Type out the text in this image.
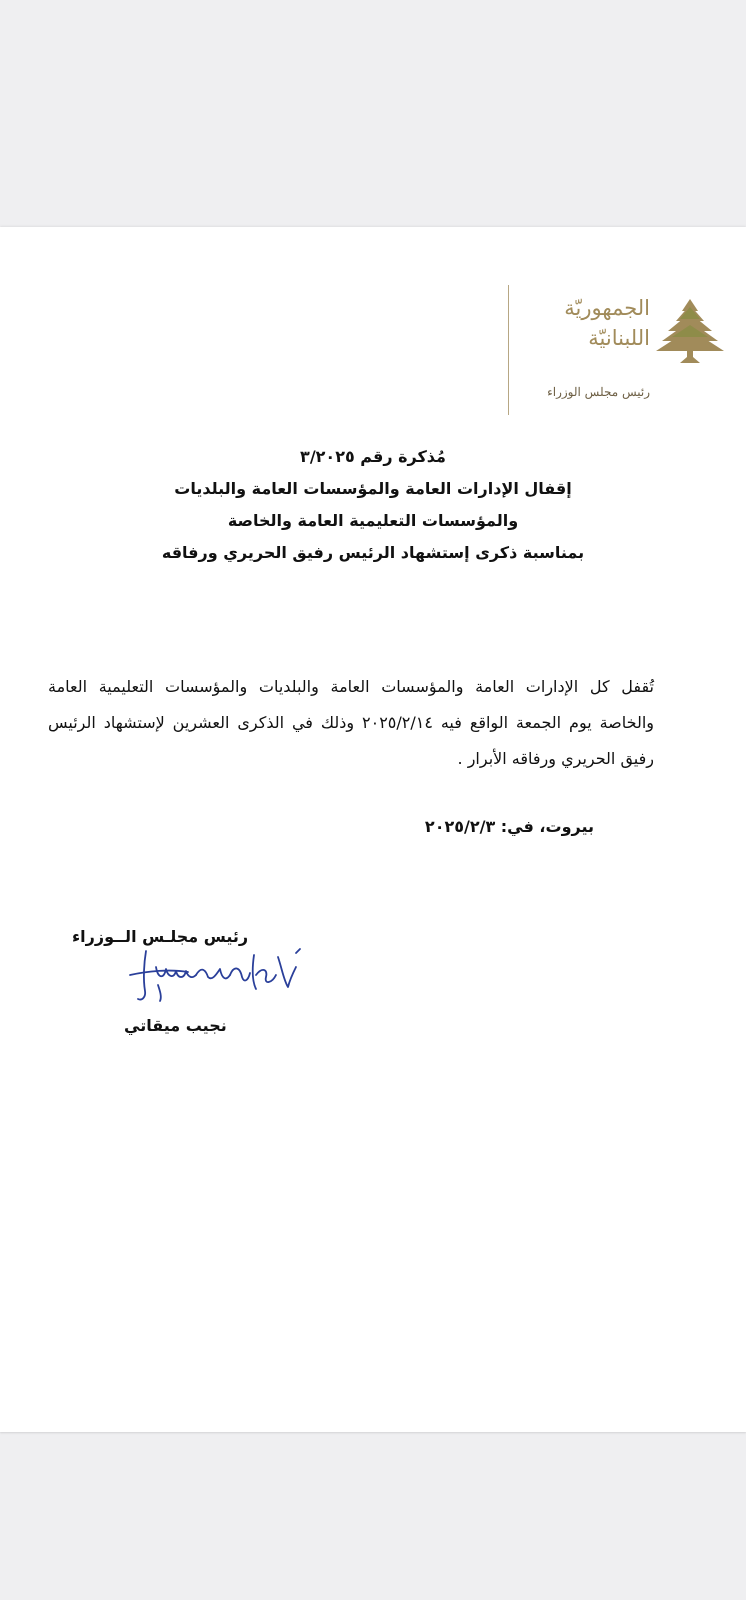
الجمهوريّة
اللبنانيّة
رئيس مجلس الوزراء
مُذكرة رقم ٣/٢٠٢٥
إقفال الإدارات العامة والمؤسسات العامة والبلديات
والمؤسسات التعليمية العامة والخاصة
بمناسبة ذكرى إستشهاد الرئيس رفيق الحريري ورفاقه
تُقفل كل الإدارات العامة والمؤسسات العامة والبلديات والمؤسسات التعليمية العامة والخاصة يوم الجمعة الواقع فيه ٢٠٢٥/٢/١٤ وذلك في الذكرى العشرين لإستشهاد الرئيس رفيق الحريري ورفاقه الأبرار .
بيروت، في: ٢٠٢٥/٢/٣
رئيس مجلـس الــوزراء
نجيب ميقاتي
